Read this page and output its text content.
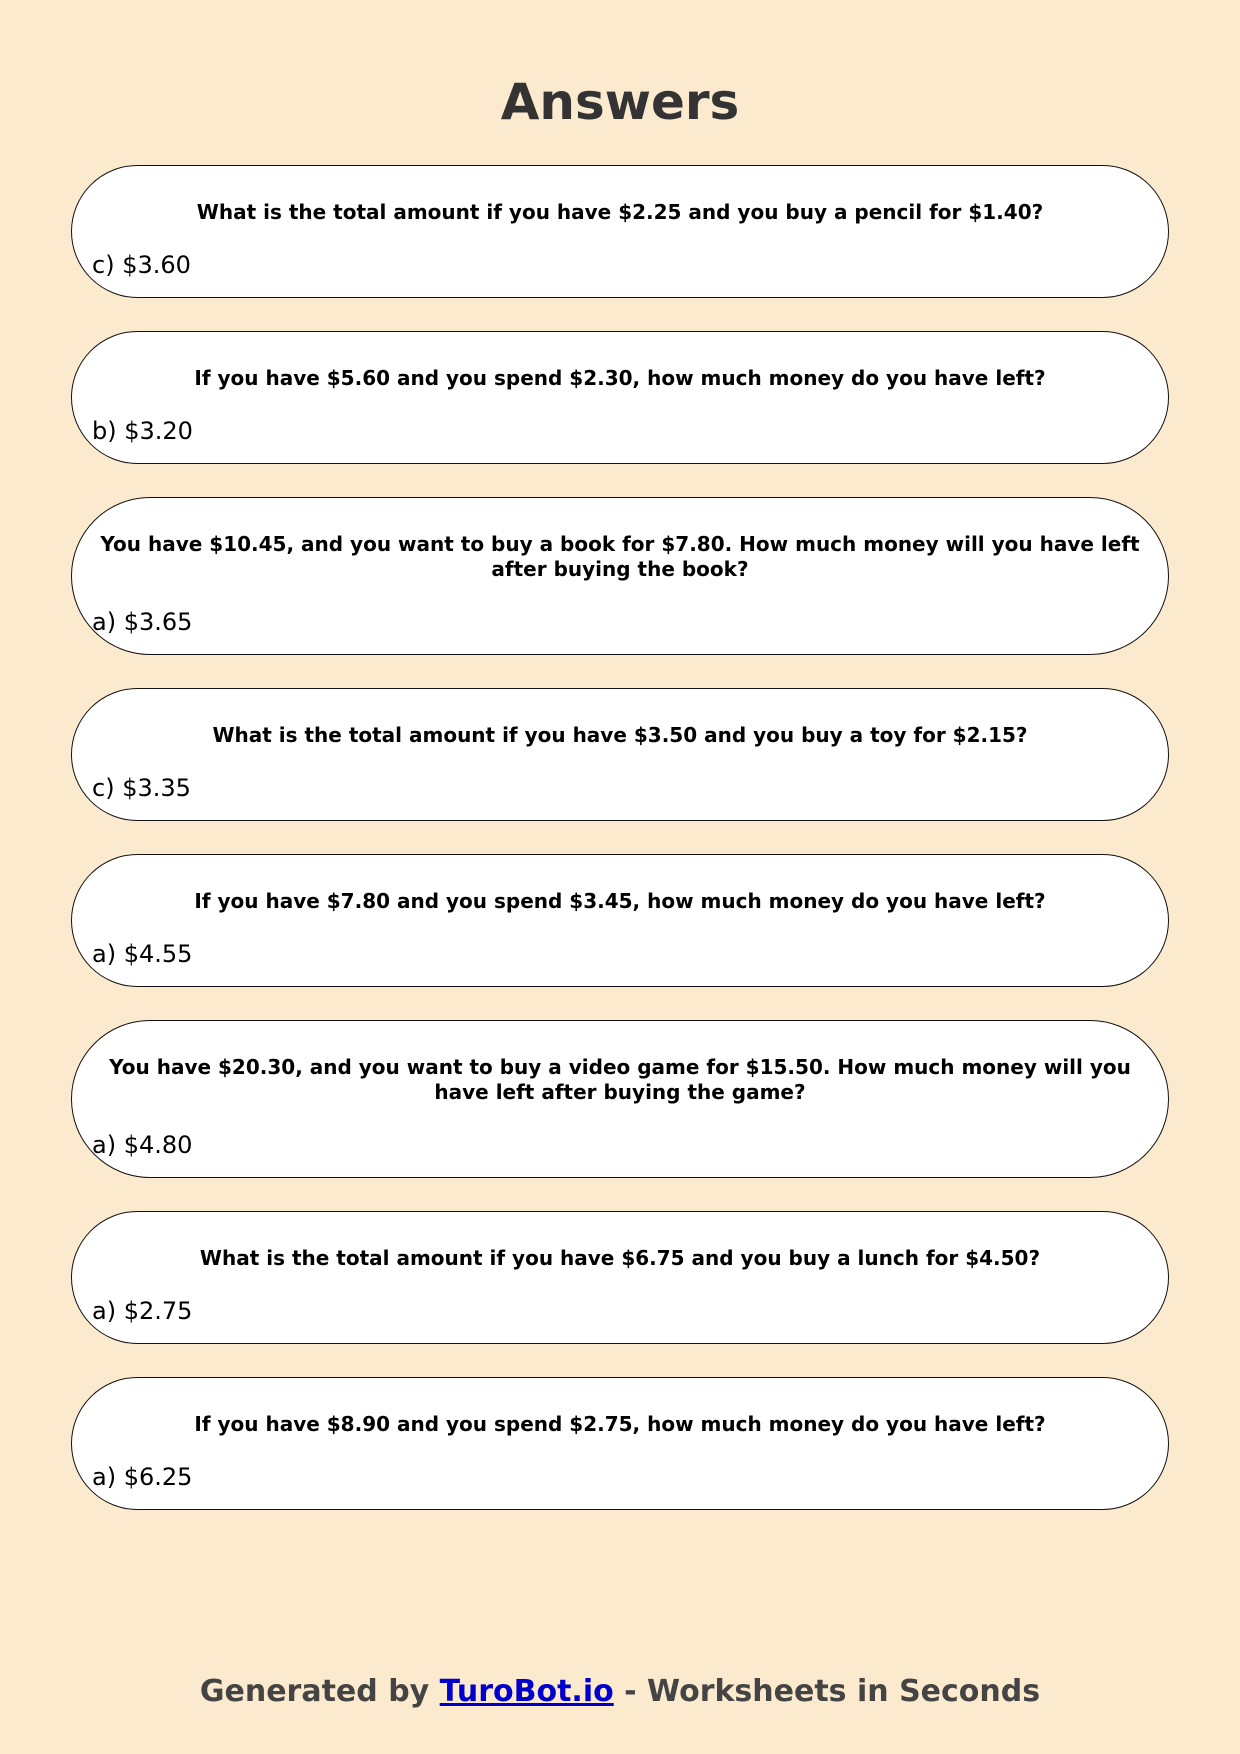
Answers

What is the total amount if you have $2.25 and you buy a pencil for $1.40?

c) $3.60

If you have $5.60 and you spend $2.30, how much money do you have left?

b) $3.20

You have $10.45, and you want to buy a book for $7.80. How much money will you have left after buying the book?

a) $3.65

What is the total amount if you have $3.50 and you buy a toy for $2.15?

c) $3.35

If you have $7.80 and you spend $3.45, how much money do you have left?

a) $4.55

You have $20.30, and you want to buy a video game for $15.50. How much money will you have left after buying the game?

a) $4.80

What is the total amount if you have $6.75 and you buy a lunch for $4.50?

a) $2.75

If you have $8.90 and you spend $2.75, how much money do you have left?

a) $6.25

Generated by TuroBot.io - Worksheets in Seconds
